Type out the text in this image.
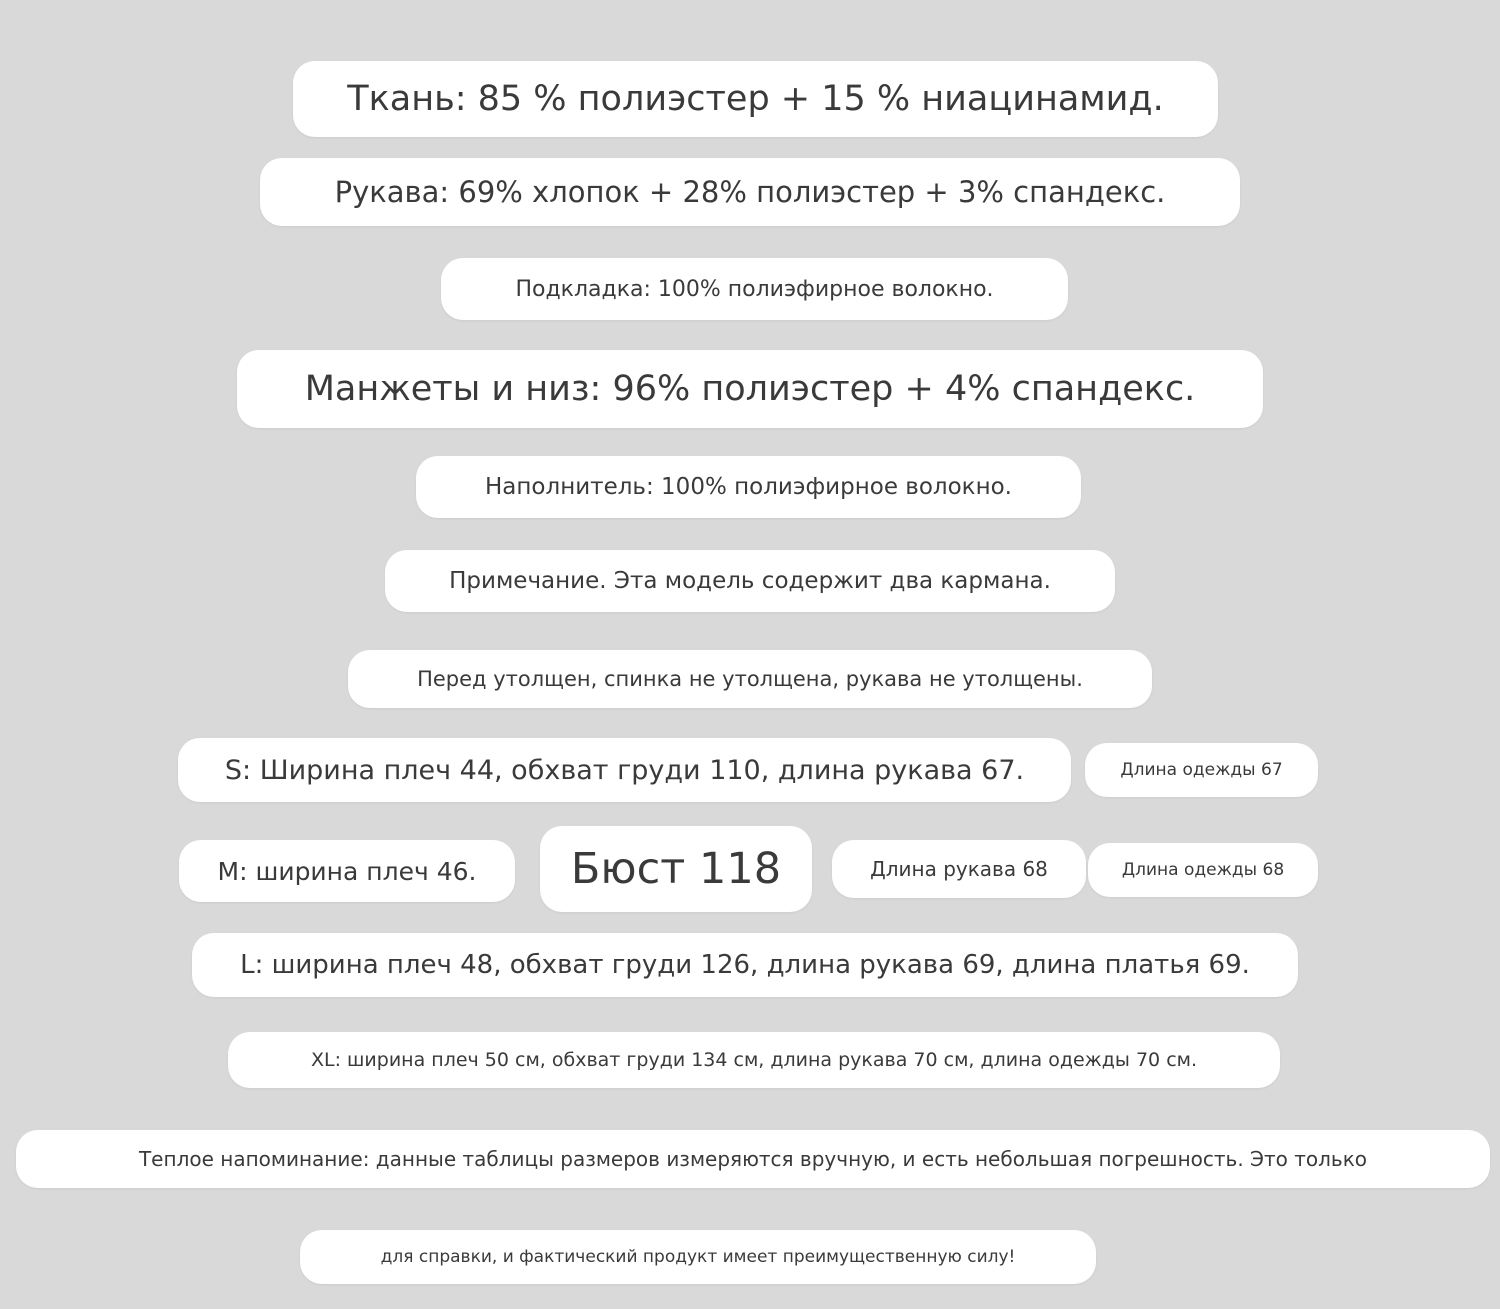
Ткань: 85 % полиэстер + 15 % ниацинамид.
Рукава: 69% хлопок + 28% полиэстер + 3% спандекс.
Подкладка: 100% полиэфирное волокно.
Манжеты и низ: 96% полиэстер + 4% спандекс.
Наполнитель: 100% полиэфирное волокно.
Примечание. Эта модель содержит два кармана.
Перед утолщен, спинка не утолщена, рукава не утолщены.
S: Ширина плеч 44, обхват груди 110, длина рукава 67.	Длина одежды 67
M: ширина плеч 46.	Бюст 118	Длина рукава 68	Длина одежды 68
L: ширина плеч 48, обхват груди 126, длина рукава 69, длина платья 69.
XL: ширина плеч 50 см, обхват груди 134 см, длина рукава 70 см, длина одежды 70 см.
Теплое напоминание: данные таблицы размеров измеряются вручную, и есть небольшая погрешность. Это только
для справки, и фактический продукт имеет преимущественную силу!
